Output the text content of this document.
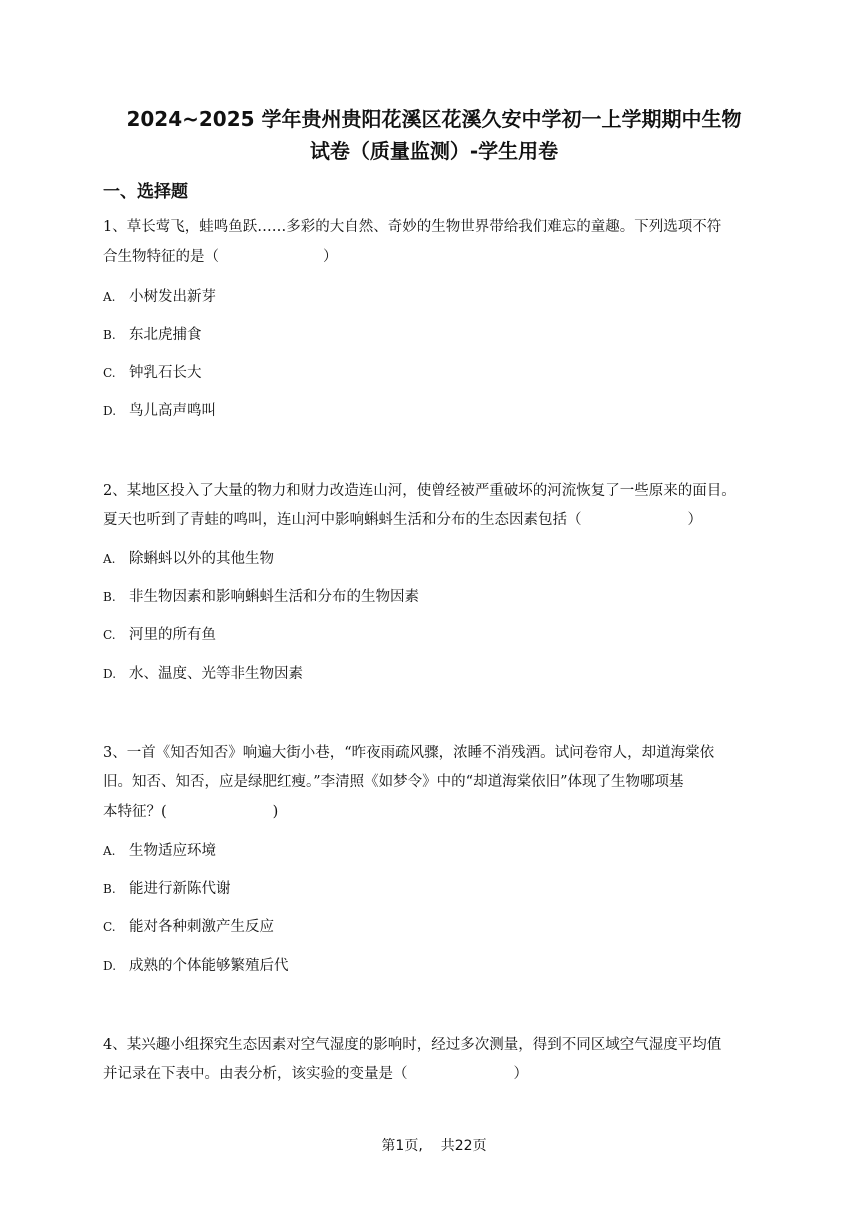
2024~2025 学年贵州贵阳花溪区花溪久安中学初一上学期期中生物
试卷（质量监测）-学生用卷
一、选择题
1、草长莺飞，蛙鸣鱼跃……多彩的大自然、奇妙的生物世界带给我们难忘的童趣。下列选项不符
合生物特征的是（	）
A. 小树发出新芽
B. 东北虎捕食
C. 钟乳石长大
D. 鸟儿高声鸣叫
2、某地区投入了大量的物力和财力改造连山河，使曾经被严重破坏的河流恢复了一些原来的面目。
夏天也听到了青蛙的鸣叫，连山河中影响蝌蚪生活和分布的生态因素包括（	）
A. 除蝌蚪以外的其他生物
B. 非生物因素和影响蝌蚪生活和分布的生物因素
C. 河里的所有鱼
D. 水、温度、光等非生物因素
3、一首《知否知否》响遍大街小巷，“昨夜雨疏风骤，浓睡不消残酒。试问卷帘人，却道海棠依
旧。知否、知否，应是绿肥红瘦。”李清照《如梦令》中的“却道海棠依旧”体现了生物哪项基
本特征？(	)
A. 生物适应环境
B. 能进行新陈代谢
C. 能对各种刺激产生反应
D. 成熟的个体能够繁殖后代
4、某兴趣小组探究生态因素对空气湿度的影响时，经过多次测量，得到不同区域空气湿度平均值
并记录在下表中。由表分析，该实验的变量是（	）
第1页, 共22页
